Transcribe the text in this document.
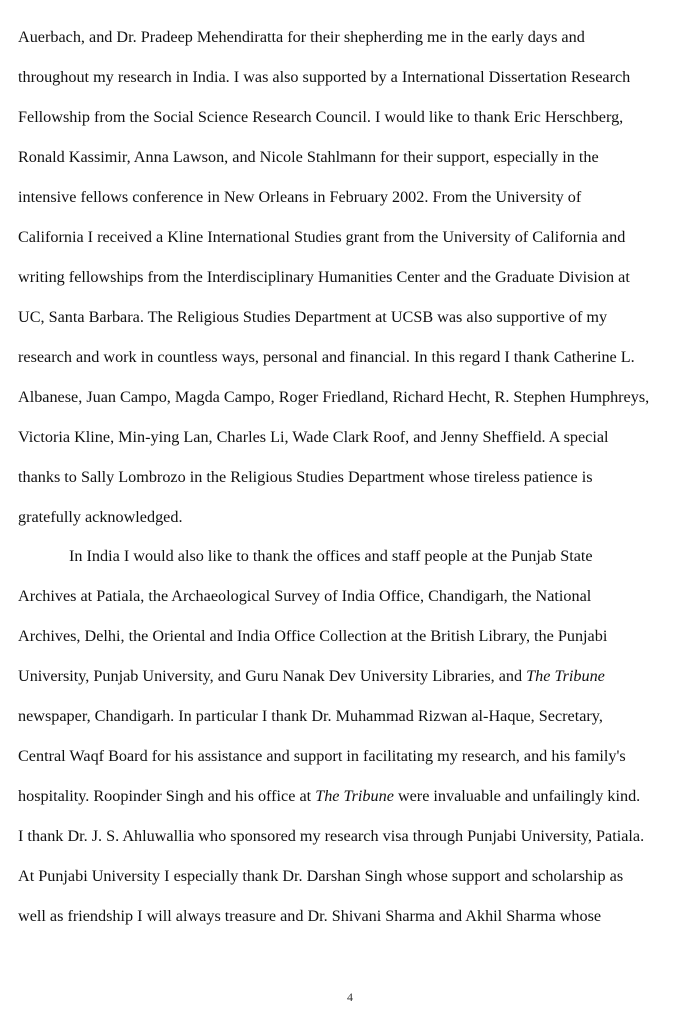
Auerbach, and Dr. Pradeep Mehendiratta for their shepherding me in the early days and
throughout my research in India. I was also supported by a International Dissertation Research
Fellowship from the Social Science Research Council. I would like to thank Eric Herschberg,
Ronald Kassimir, Anna Lawson, and Nicole Stahlmann for their support, especially in the
intensive fellows conference in New Orleans in February 2002. From the University of
California I received a Kline International Studies grant from the University of California and
writing fellowships from the Interdisciplinary Humanities Center and the Graduate Division at
UC, Santa Barbara. The Religious Studies Department at UCSB was also supportive of my
research and work in countless ways, personal and financial. In this regard I thank Catherine L.
Albanese, Juan Campo, Magda Campo, Roger Friedland, Richard Hecht, R. Stephen Humphreys,
Victoria Kline, Min-ying Lan, Charles Li, Wade Clark Roof, and Jenny Sheffield. A special
thanks to Sally Lombrozo in the Religious Studies Department whose tireless patience is
gratefully acknowledged.
In India I would also like to thank the offices and staff people at the Punjab State
Archives at Patiala, the Archaeological Survey of India Office, Chandigarh, the National
Archives, Delhi, the Oriental and India Office Collection at the British Library, the Punjabi
University, Punjab University, and Guru Nanak Dev University Libraries, and The Tribune
newspaper, Chandigarh. In particular I thank Dr. Muhammad Rizwan al-Haque, Secretary,
Central Waqf Board for his assistance and support in facilitating my research, and his family's
hospitality. Roopinder Singh and his office at The Tribune were invaluable and unfailingly kind.
I thank Dr. J. S. Ahluwallia who sponsored my research visa through Punjabi University, Patiala.
At Punjabi University I especially thank Dr. Darshan Singh whose support and scholarship as
well as friendship I will always treasure and Dr. Shivani Sharma and Akhil Sharma whose
4
